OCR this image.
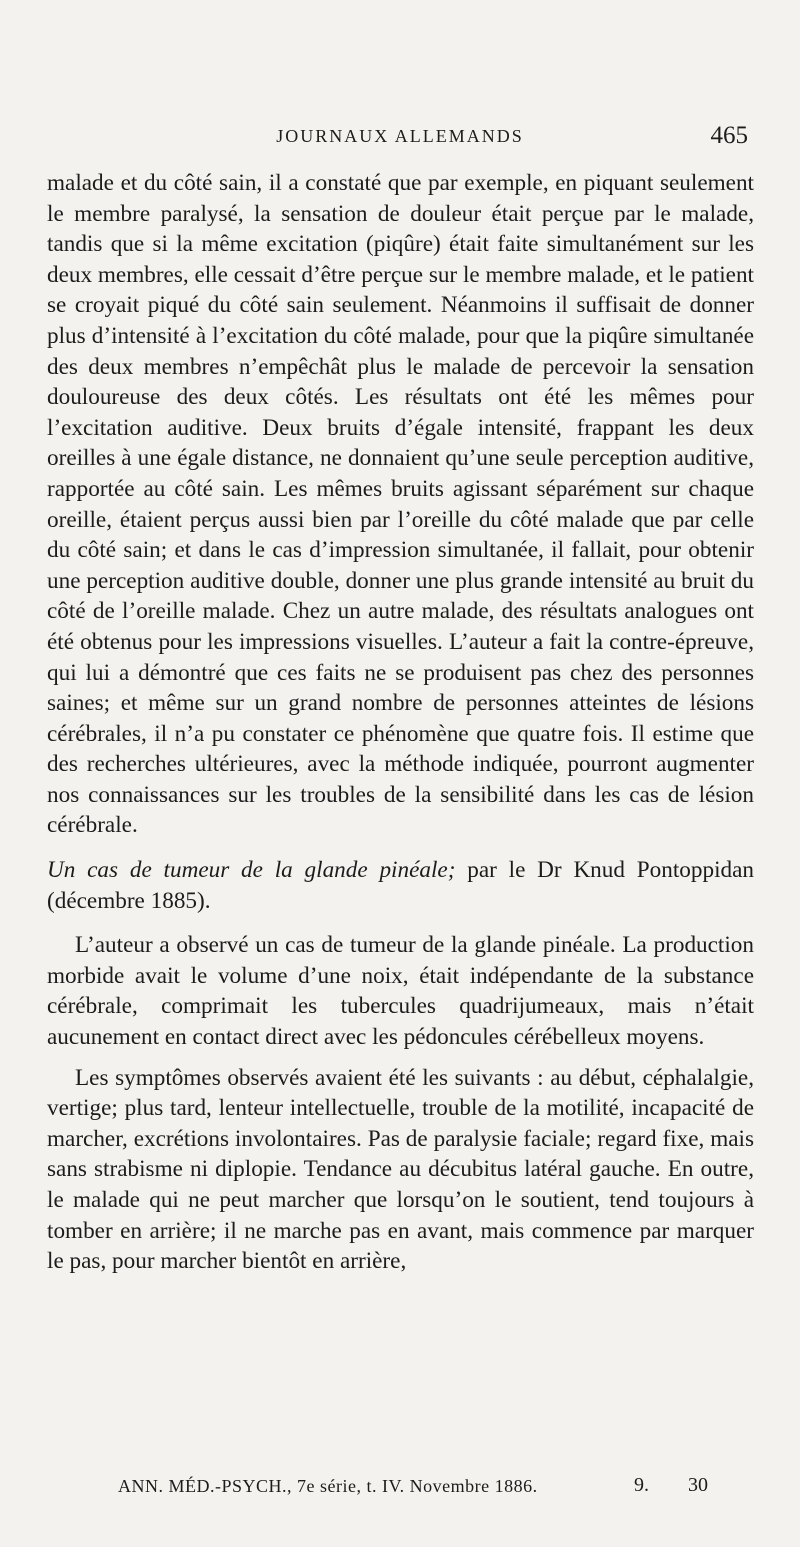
JOURNAUX ALLEMANDS	465

malade et du côté sain, il a constaté que par exemple, en piquant seulement le membre paralysé, la sensation de douleur était perçue par le malade, tandis que si la même excitation (piqûre) était faite simultanément sur les deux membres, elle cessait d’être perçue sur le membre malade, et le patient se croyait piqué du côté sain seulement. Néanmoins il suffisait de donner plus d’intensité à l’excitation du côté malade, pour que la piqûre simultanée des deux membres n’empêchât plus le malade de percevoir la sensation douloureuse des deux côtés. Les résultats ont été les mêmes pour l’excitation auditive. Deux bruits d’égale intensité, frappant les deux oreilles à une égale distance, ne donnaient qu’une seule perception auditive, rapportée au côté sain. Les mêmes bruits agissant séparément sur chaque oreille, étaient perçus aussi bien par l’oreille du côté malade que par celle du côté sain; et dans le cas d’impression simultanée, il fallait, pour obtenir une perception auditive double, donner une plus grande intensité au bruit du côté de l’oreille malade. Chez un autre malade, des résultats analogues ont été obtenus pour les impressions visuelles. L’auteur a fait la contre-épreuve, qui lui a démontré que ces faits ne se produisent pas chez des personnes saines; et même sur un grand nombre de personnes atteintes de lésions cérébrales, il n’a pu constater ce phénomène que quatre fois. Il estime que des recherches ultérieures, avec la méthode indiquée, pourront augmenter nos connaissances sur les troubles de la sensibilité dans les cas de lésion cérébrale.

Un cas de tumeur de la glande pinéale; par le Dr Knud Pontoppidan (décembre 1885).

L’auteur a observé un cas de tumeur de la glande pinéale. La production morbide avait le volume d’une noix, était indépendante de la substance cérébrale, comprimait les tubercules quadrijumeaux, mais n’était aucunement en contact direct avec les pédoncules cérébelleux moyens.

Les symptômes observés avaient été les suivants : au début, céphalalgie, vertige; plus tard, lenteur intellectuelle, trouble de la motilité, incapacité de marcher, excrétions involontaires. Pas de paralysie faciale; regard fixe, mais sans strabisme ni diplopie. Tendance au décubitus latéral gauche. En outre, le malade qui ne peut marcher que lorsqu’on le soutient, tend toujours à tomber en arrière; il ne marche pas en avant, mais commence par marquer le pas, pour marcher bientôt en arrière,

ANN. MÉD.-PSYCH., 7e série, t. IV. Novembre 1886.	9. 30
